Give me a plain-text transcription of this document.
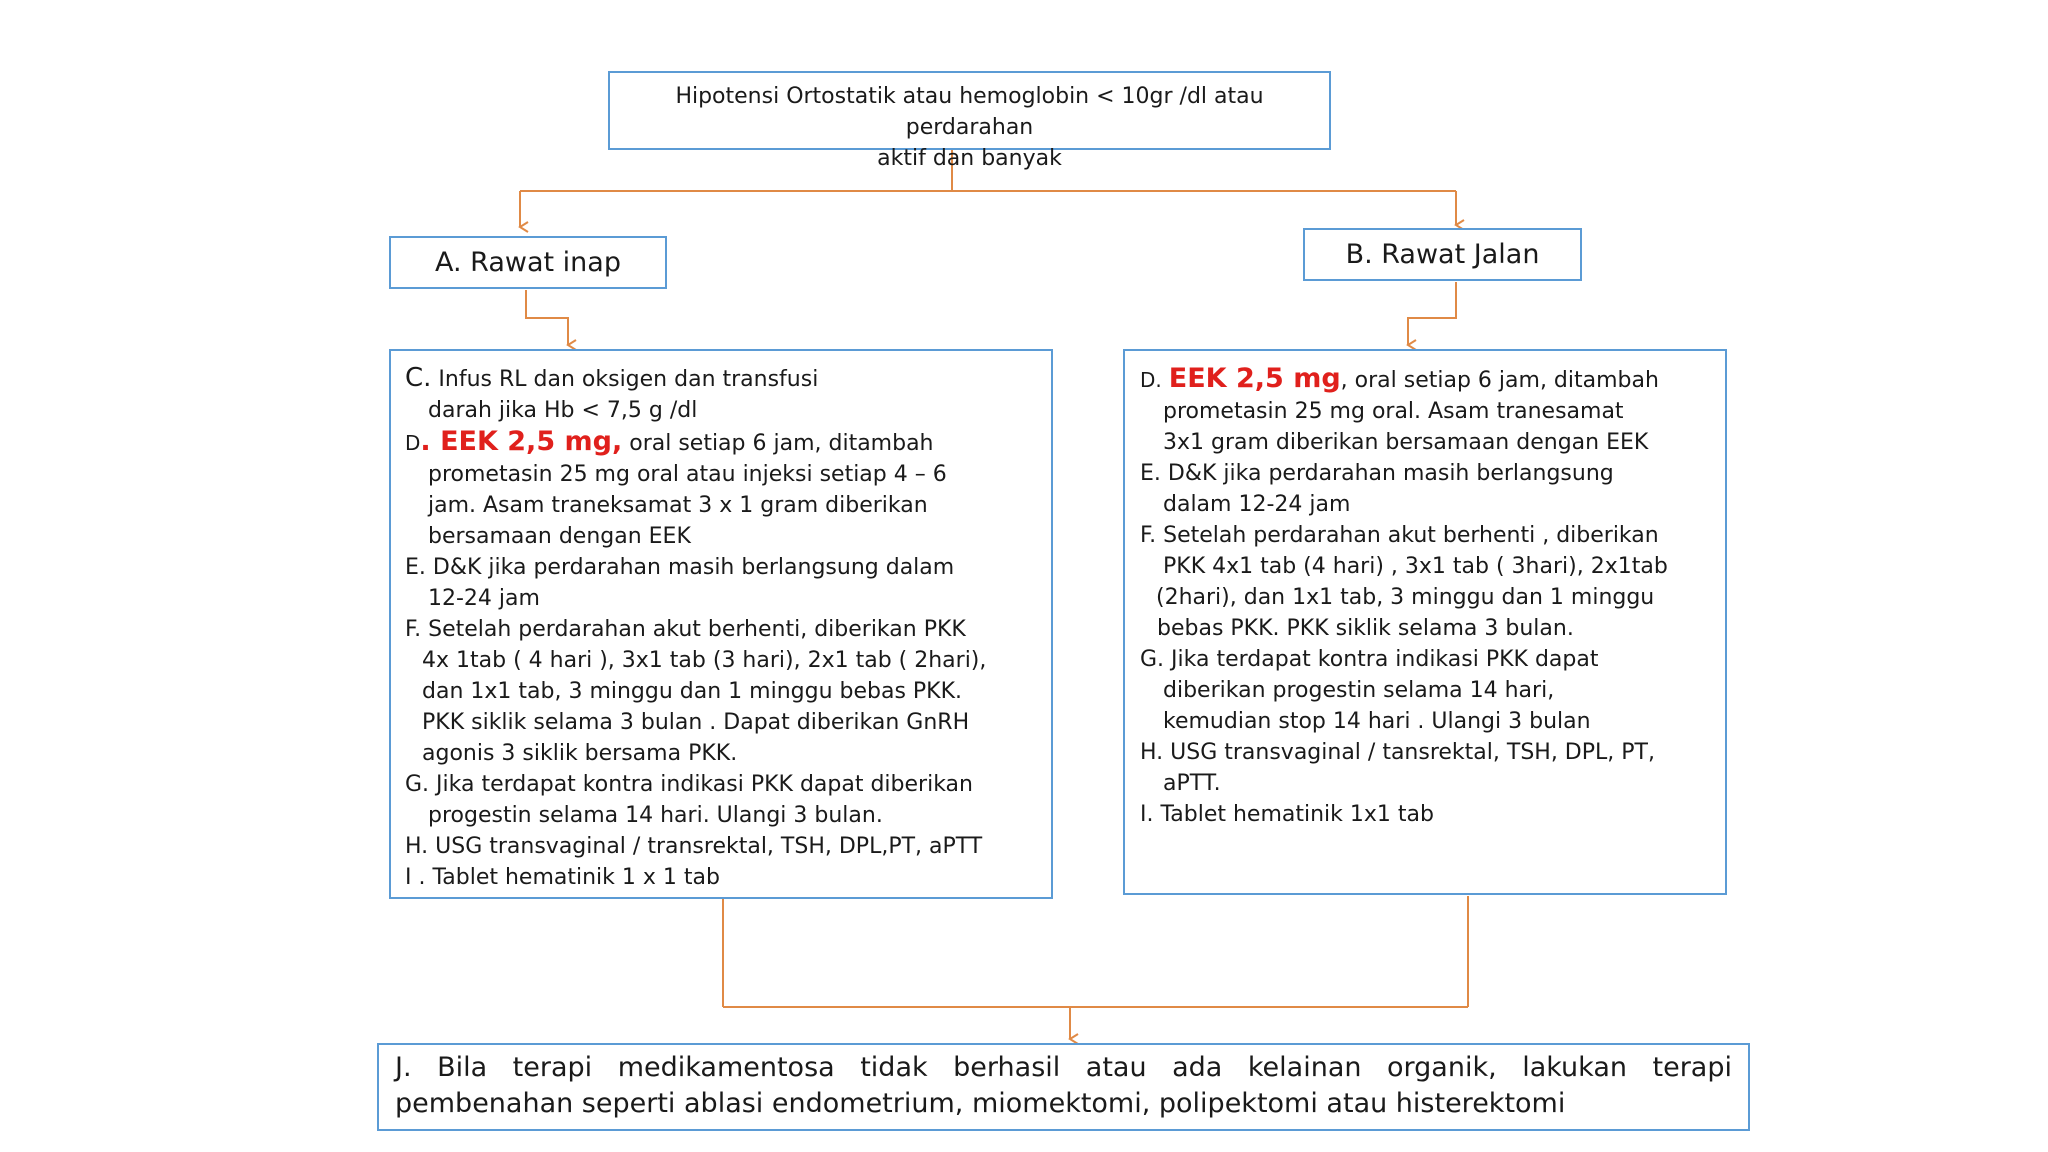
Hipotensi Ortostatik atau hemoglobin < 10gr /dl atau perdarahan
aktif dan banyak
A. Rawat inap	B. Rawat Jalan
C. Infus RL dan oksigen dan transfusi
darah jika Hb < 7,5 g /dl
D. EEK 2,5 mg, oral setiap 6 jam, ditambah
prometasin 25 mg oral atau injeksi setiap 4 – 6
jam. Asam traneksamat 3 x 1 gram diberikan
bersamaan dengan EEK
E. D&K jika perdarahan masih berlangsung dalam
12-24 jam
F. Setelah perdarahan akut berhenti, diberikan PKK
4x 1tab ( 4 hari ), 3x1 tab (3 hari), 2x1 tab ( 2hari),
dan 1x1 tab, 3 minggu dan 1 minggu bebas PKK.
PKK siklik selama 3 bulan . Dapat diberikan GnRH
agonis 3 siklik bersama PKK.
G. Jika terdapat kontra indikasi PKK dapat diberikan
progestin selama 14 hari. Ulangi 3 bulan.
H. USG transvaginal / transrektal, TSH, DPL,PT, aPTT
I . Tablet hematinik 1 x 1 tab
D. EEK 2,5 mg, oral setiap 6 jam, ditambah
prometasin 25 mg oral. Asam tranesamat
3x1 gram diberikan bersamaan dengan EEK
E. D&K jika perdarahan masih berlangsung
dalam 12-24 jam
F. Setelah perdarahan akut berhenti , diberikan
PKK 4x1 tab (4 hari) , 3x1 tab ( 3hari), 2x1tab
(2hari), dan 1x1 tab, 3 minggu dan 1 minggu
bebas PKK. PKK siklik selama 3 bulan.
G. Jika terdapat kontra indikasi PKK dapat
diberikan progestin selama 14 hari,
kemudian stop 14 hari . Ulangi 3 bulan
H. USG transvaginal / tansrektal, TSH, DPL, PT,
aPTT.
I. Tablet hematinik 1x1 tab
J. Bila terapi medikamentosa tidak berhasil atau ada kelainan organik, lakukan terapi pembenahan seperti ablasi endometrium, miomektomi, polipektomi atau histerektomi
